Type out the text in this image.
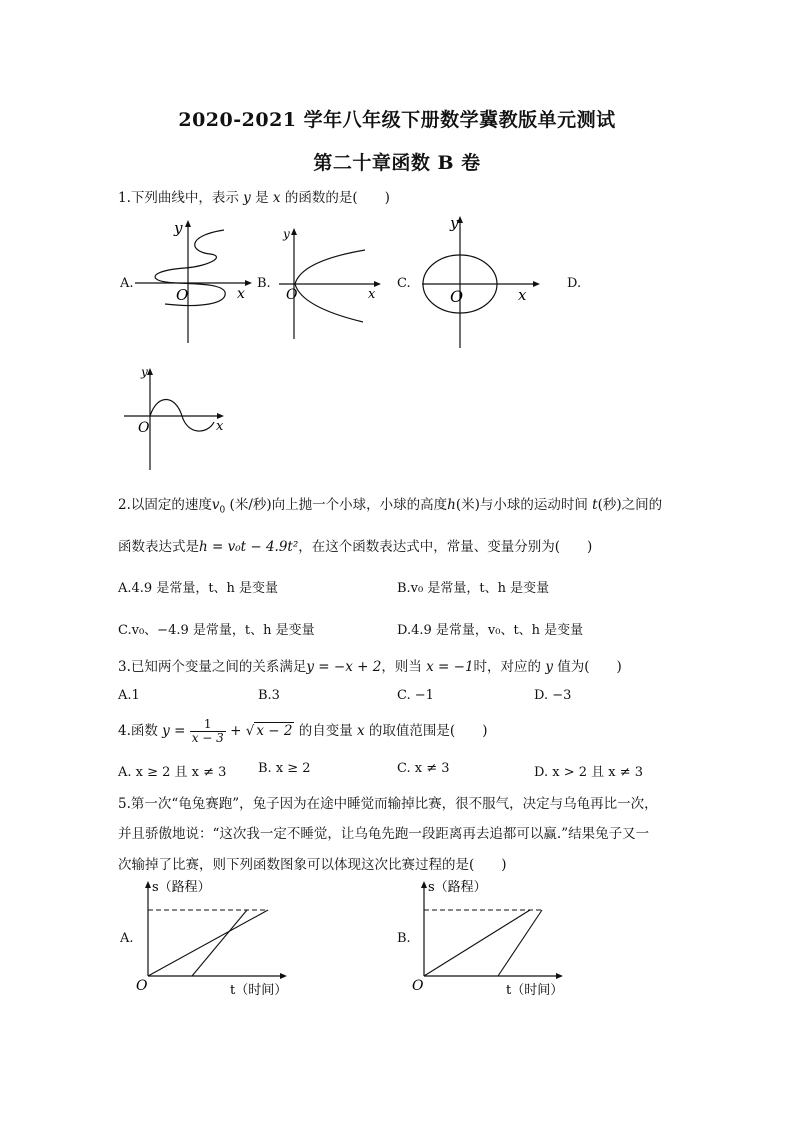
2020-2021 学年八年级下册数学冀教版单元测试
第二十章函数 B 卷
1.下列曲线中，表示 y 是 x 的函数的是(　　)
A.	B.	C.	D.
y
O	x
y
O	x
y
O	x
y
O	x
2.以固定的速度$v_0$ (米/秒)向上抛一个小球，小球的高度h(米)与小球的运动时间 t(秒)之间的
函数表达式是h = v₀t − 4.9t²，在这个函数表达式中，常量、变量分别为(　　)
A.4.9 是常量，t、h 是变量	B.v₀ 是常量，t、h 是变量
C.v₀、−4.9 是常量，t、h 是变量	D.4.9 是常量，v₀、t、h 是变量
3.已知两个变量之间的关系满足y = −x + 2，则当 x = −1时，对应的 y 值为(　　)
A.1	B.3	C. −1	D. −3
4.函数 $y = \frac{1}{x - 3}$ + √ x − 2 的自变量 x 的取值范围是(　　)
A. x ≥ 2 且 x ≠ 3 B. x ≥ 2	C. x ≠ 3	D. x > 2 且 x ≠ 3
5.第一次“龟兔赛跑”，兔子因为在途中睡觉而输掉比赛，很不服气，决定与乌龟再比一次，
并且骄傲地说：“这次我一定不睡觉，让乌龟先跑一段距离再去追都可以赢.”结果兔子又一
次输掉了比赛，则下列函数图象可以体现这次比赛过程的是(　　)
A.	B.
s（路程）
O	t（时间）
s（路程）
O	t（时间）
